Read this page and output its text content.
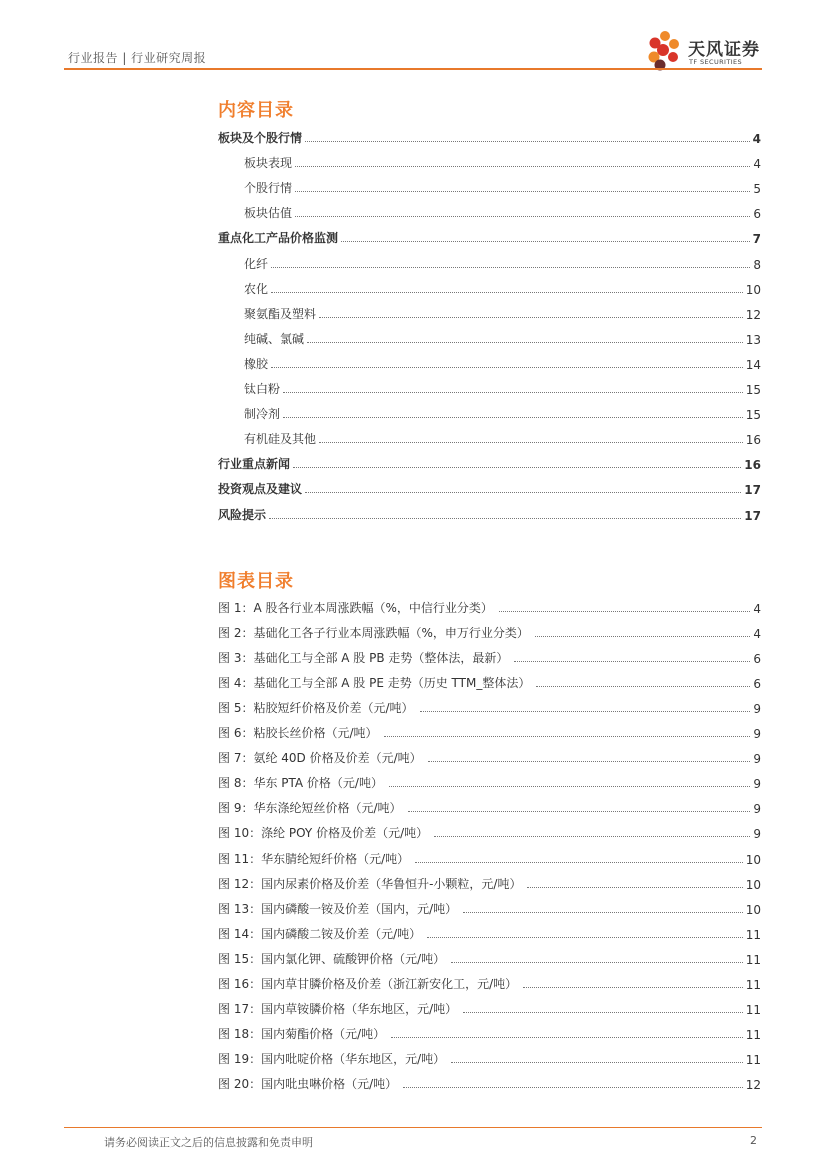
行业报告 | 行业研究周报	天风证券
TF SECURITIES
内容目录
板块及个股行情	4
板块表现	4
个股行情	5
板块估值	6
重点化工产品价格监测	7
化纤	8
农化	10
聚氨酯及塑料	12
纯碱、氯碱	13
橡胶	14
钛白粉	15
制冷剂	15
有机硅及其他	16
行业重点新闻	16
投资观点及建议	17
风险提示	17
图表目录
图 1：A 股各行业本周涨跌幅（%，中信行业分类）	4
图 2：基础化工各子行业本周涨跌幅（%，申万行业分类）	4
图 3：基础化工与全部 A 股 PB 走势（整体法，最新）	6
图 4：基础化工与全部 A 股 PE 走势（历史 TTM_整体法）	6
图 5：粘胶短纤价格及价差（元/吨）	9
图 6：粘胶长丝价格（元/吨）	9
图 7：氨纶 40D 价格及价差（元/吨）	9
图 8：华东 PTA 价格（元/吨）	9
图 9：华东涤纶短丝价格（元/吨）	9
图 10：涤纶 POY 价格及价差（元/吨）	9
图 11：华东腈纶短纤价格（元/吨）	10
图 12：国内尿素价格及价差（华鲁恒升-小颗粒，元/吨）	10
图 13：国内磷酸一铵及价差（国内，元/吨）	10
图 14：国内磷酸二铵及价差（元/吨）	11
图 15：国内氯化钾、硫酸钾价格（元/吨）	11
图 16：国内草甘膦价格及价差（浙江新安化工，元/吨）	11
图 17：国内草铵膦价格（华东地区，元/吨）	11
图 18：国内菊酯价格（元/吨）	11
图 19：国内吡啶价格（华东地区，元/吨）	11
图 20：国内吡虫啉价格（元/吨）	12
请务必阅读正文之后的信息披露和免责申明	2
